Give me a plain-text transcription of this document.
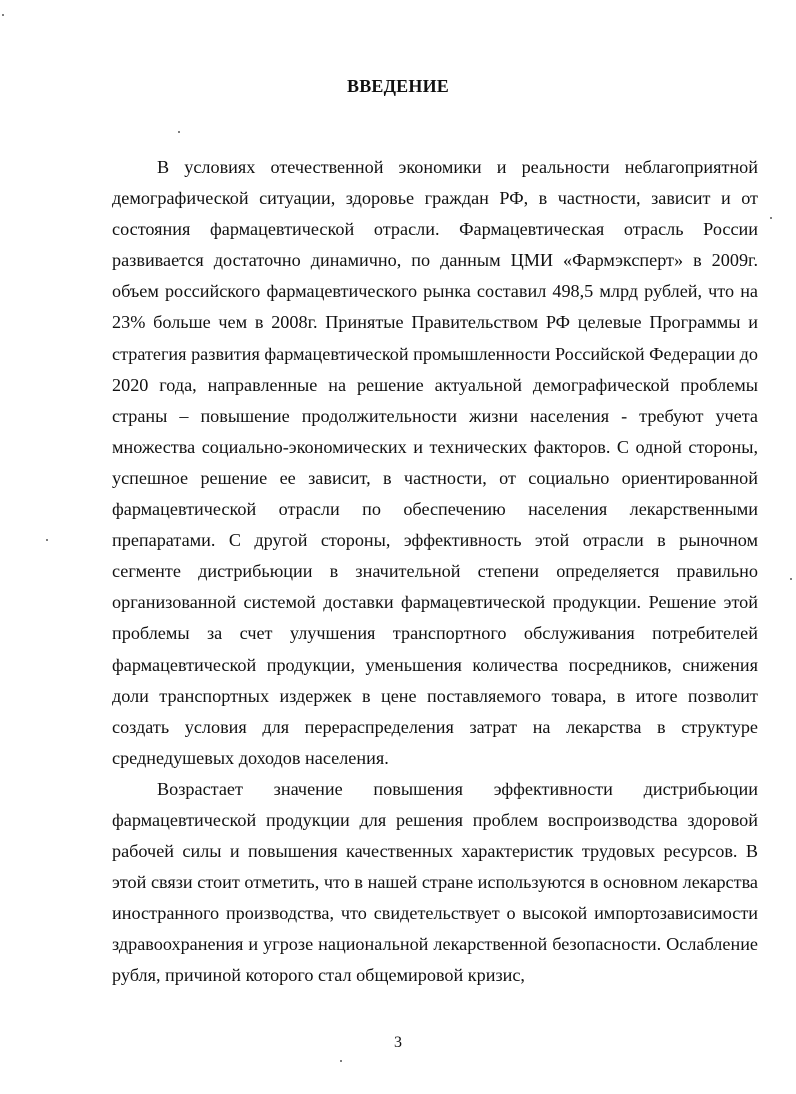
ВВЕДЕНИЕ

В условиях отечественной экономики и реальности неблагоприятной демографической ситуации, здоровье граждан РФ, в частности, зависит и от состояния фармацевтической отрасли. Фармацевтическая отрасль России развивается достаточно динамично, по данным ЦМИ «Фармэксперт» в 2009г. объем российского фармацевтического рынка составил 498,5 млрд рублей, что на 23% больше чем в 2008г. Принятые Правительством РФ целевые Программы и стратегия развития фармацевтической промышленности Российской Федерации до 2020 года, направленные на решение актуальной демографической проблемы страны – повышение продолжительности жизни населения - требуют учета множества социально-экономических и технических факторов. С одной стороны, успешное решение ее зависит, в частности, от социально ориентированной фармацевтической отрасли по обеспечению населения лекарственными препаратами. С другой стороны, эффективность этой отрасли в рыночном сегменте дистрибьюции в значительной степени определяется правильно организованной системой доставки фармацевтической продукции. Решение этой проблемы за счет улучшения транспортного обслуживания потребителей фармацевтической продукции, уменьшения количества посредников, снижения доли транспортных издержек в цене поставляемого товара, в итоге позволит создать условия для перераспределения затрат на лекарства в структуре среднедушевых доходов населения.

Возрастает значение повышения эффективности дистрибьюции фармацевтической продукции для решения проблем воспроизводства здоровой рабочей силы и повышения качественных характеристик трудовых ресурсов. В этой связи стоит отметить, что в нашей стране используются в основном лекарства иностранного производства, что свидетельствует о высокой импортозависимости здравоохранения и угрозе национальной лекарственной безопасности. Ослабление рубля, причиной которого стал общемировой кризис,

3
